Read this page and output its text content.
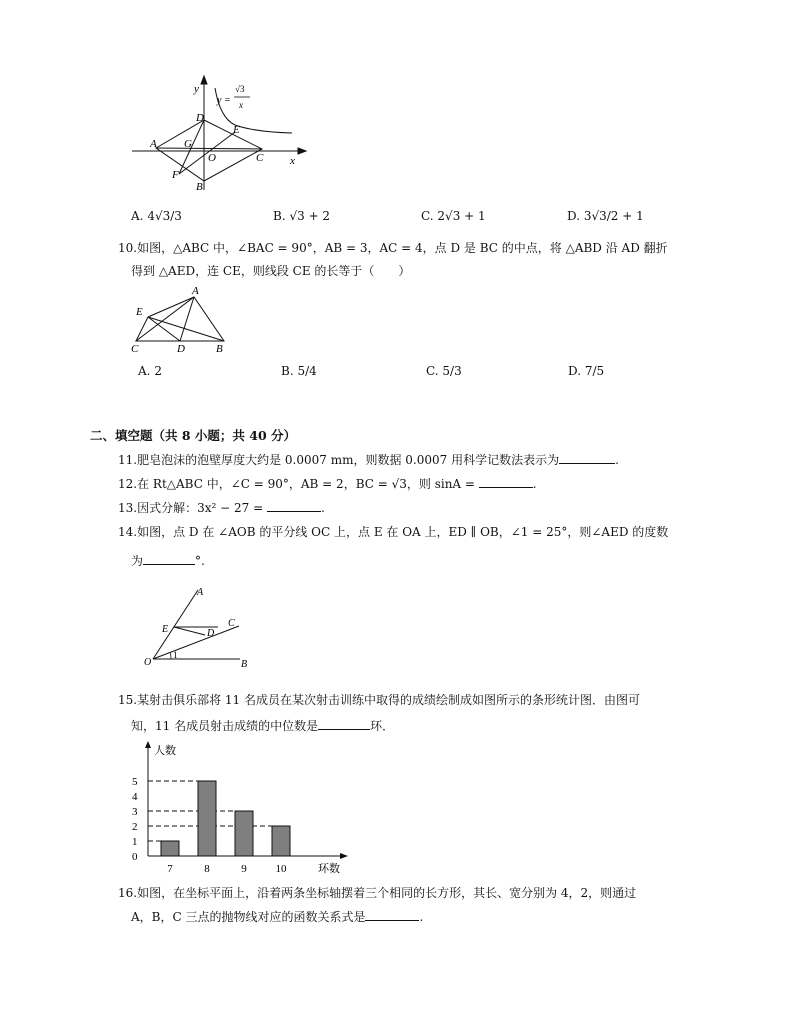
y
x
y =
√3
x
A G
D
E
O	C
F
B
A. 4√3/3	B. √3 + 2	C. 2√3 + 1	D. 3√3/2 + 1
10.如图，△ABC 中，∠BAC = 90°，AB = 3，AC = 4，点 D 是 BC 的中点，将 △ABD 沿 AD 翻折
得到 △AED，连 CE，则线段 CE 的长等于（　　）
A
E
C	D	B
A. 2	B. 5/4	C. 5/3	D. 7/5
二、填空题（共 8 小题；共 40 分）
11.肥皂泡沫的泡壁厚度大约是 0.0007 mm，则数据 0.0007 用科学记数法表示为	.
12.在 Rt△ABC 中，∠C = 90°，AB = 2，BC = √3，则 sinA =	.
13.因式分解：3x² − 27 =	.
14.如图，点 D 在 ∠AOB 的平分线 OC 上，点 E 在 OA 上，ED ∥ OB，∠1 = 25°，则∠AED 的度数
为	°.
A
E	D
C
O
1
B
15.某射击俱乐部将 11 名成员在某次射击训练中取得的成绩绘制成如图所示的条形统计图．由图可
知，11 名成员射击成绩的中位数是	环．
人数
环数
0
1
2
3
4
5
7	8	9	10
16.如图，在坐标平面上，沿着两条坐标轴摆着三个相同的长方形，其长、宽分别为 4，2，则通过
A，B，C 三点的抛物线对应的函数关系式是	.
